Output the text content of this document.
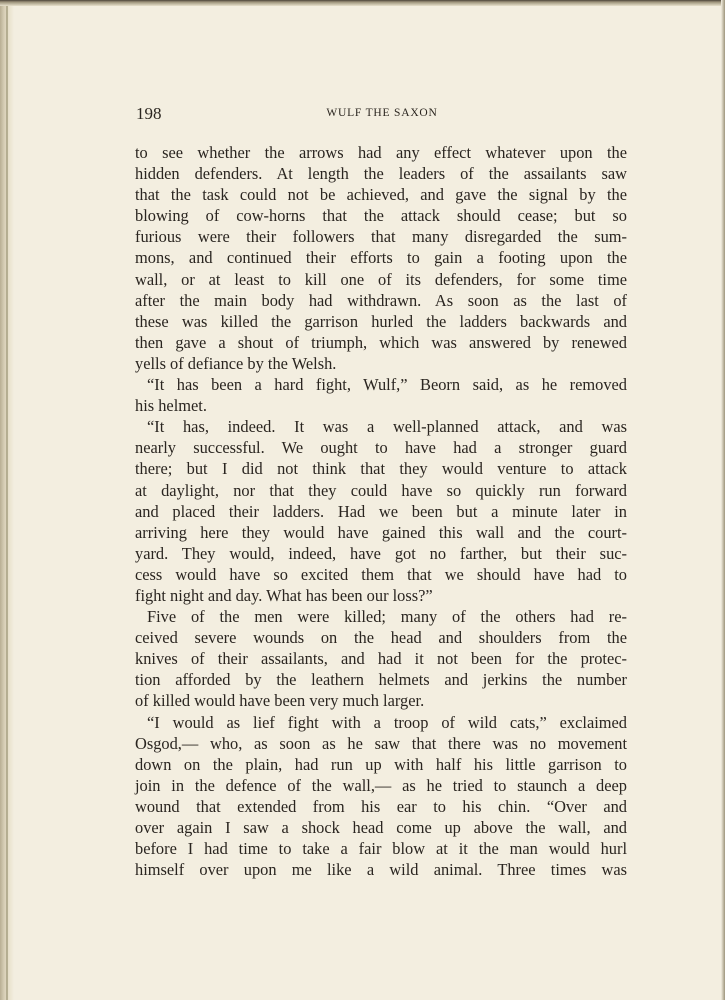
198	WULF THE SAXON
to see whether the arrows had any effect whatever upon the
hidden defenders. At length the leaders of the assailants saw
that the task could not be achieved, and gave the signal by the
blowing of cow-horns that the attack should cease; but so
furious were their followers that many disregarded the sum-
mons, and continued their efforts to gain a footing upon the
wall, or at least to kill one of its defenders, for some time
after the main body had withdrawn. As soon as the last of
these was killed the garrison hurled the ladders backwards and
then gave a shout of triumph, which was answered by renewed
yells of defiance by the Welsh.
“It has been a hard fight, Wulf,” Beorn said, as he removed
his helmet.
“It has, indeed. It was a well-planned attack, and was
nearly successful. We ought to have had a stronger guard
there; but I did not think that they would venture to attack
at daylight, nor that they could have so quickly run forward
and placed their ladders. Had we been but a minute later in
arriving here they would have gained this wall and the court-
yard. They would, indeed, have got no farther, but their suc-
cess would have so excited them that we should have had to
fight night and day. What has been our loss?”
Five of the men were killed; many of the others had re-
ceived severe wounds on the head and shoulders from the
knives of their assailants, and had it not been for the protec-
tion afforded by the leathern helmets and jerkins the number
of killed would have been very much larger.
“I would as lief fight with a troop of wild cats,” exclaimed
Osgod,— who, as soon as he saw that there was no movement
down on the plain, had run up with half his little garrison to
join in the defence of the wall,— as he tried to staunch a deep
wound that extended from his ear to his chin. “Over and
over again I saw a shock head come up above the wall, and
before I had time to take a fair blow at it the man would hurl
himself over upon me like a wild animal. Three times was
